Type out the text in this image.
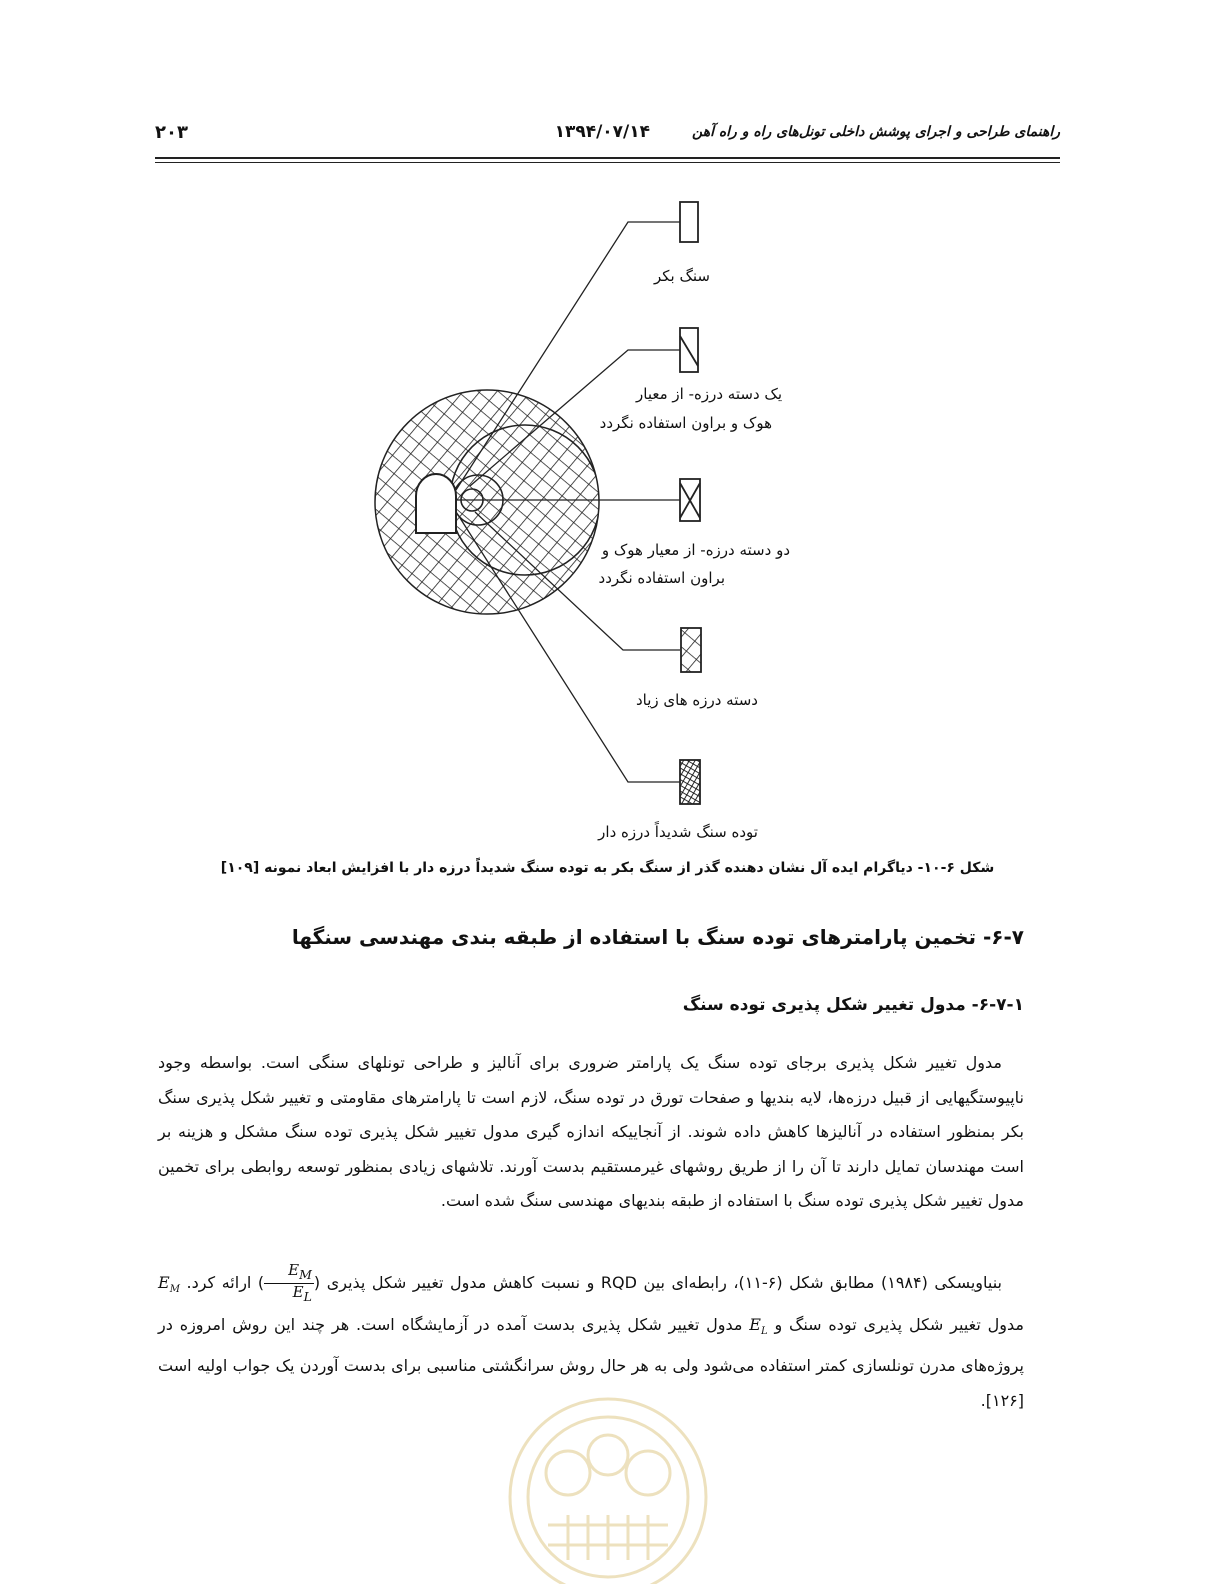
راهنمای طراحی و اجرای پوشش داخلی تونل‌های راه و راه آهن
۱۳۹۴/۰۷/۱۴
۲۰۳
سنگ بکر
یک دسته درزه- از معیار
هوک و براون استفاده نگردد
دو دسته درزه- از معیار هوک و
براون استفاده نگردد
دسته درزه های زیاد
توده سنگ شدیداً درزه دار
شکل ۶-۱۰- دیاگرام ایده آل نشان دهنده گذر از سنگ بکر به توده سنگ شدیداً درزه دار با افزایش ابعاد نمونه [۱۰۹]
۶-۷- تخمین پارامترهای توده سنگ با استفاده از طبقه بندی مهندسی سنگها
۶-۷-۱- مدول تغییر شکل پذیری توده سنگ

مدول تغییر شکل پذیری برجای توده سنگ یک پارامتر ضروری برای آنالیز و طراحی تونلهای سنگی است. بواسطه وجود ناپیوستگیهایی از قبیل درزه‌ها، لایه بندیها و صفحات تورق در توده سنگ، لازم است تا پارامترهای مقاومتی و تغییر شکل پذیری سنگ بکر بمنظور استفاده در آنالیزها کاهش داده شوند. از آنجاییکه اندازه گیری مدول تغییر شکل پذیری توده سنگ مشکل و هزینه بر است مهندسان تمایل دارند تا آن را از طریق روشهای غیرمستقیم بدست آورند. تلاشهای زیادی بمنظور توسعه روابطی برای تخمین مدول تغییر شکل پذیری توده سنگ با استفاده از طبقه بندیهای مهندسی سنگ شده است.

بنیاویسکی (۱۹۸۴) مطابق شکل (۶-۱۱)، رابطه‌ای بین RQD و نسبت کاهش مدول تغییر شکل پذیری (
$\frac{E_M}{E_L}$
) ارائه کرد. $E_M$ مدول تغییر شکل پذیری توده سنگ و $E_L$ مدول تغییر شکل پذیری بدست آمده در آزمایشگاه است. هر چند این روش امروزه در پروژه‌های مدرن تونلسازی کمتر استفاده می‌شود ولی به هر حال روش سرانگشتی مناسبی برای بدست آوردن یک جواب اولیه است [۱۲۶].
